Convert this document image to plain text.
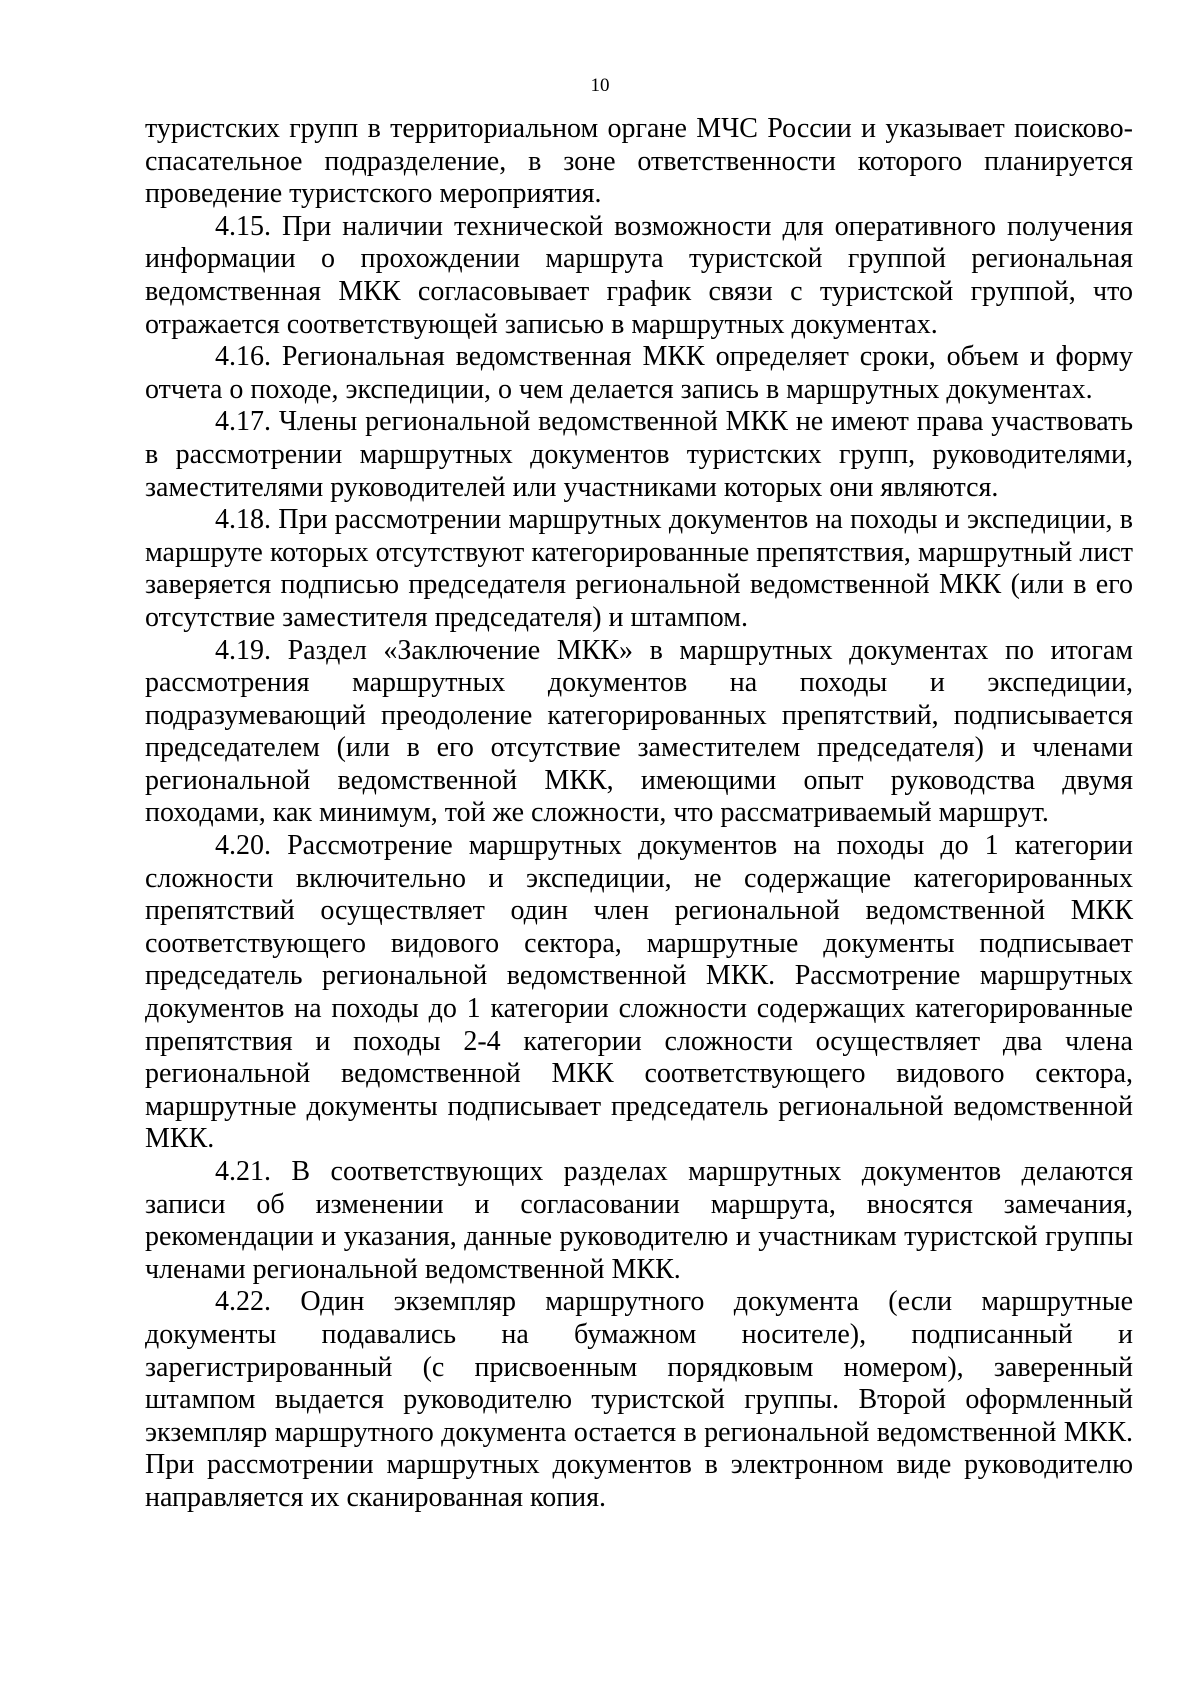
10

туристских групп в территориальном органе МЧС России и указывает поисково-спасательное подразделение, в зоне ответственности которого планируется проведение туристского мероприятия.

4.15. При наличии технической возможности для оперативного получения информации о прохождении маршрута туристской группой региональная ведомственная МКК согласовывает график связи с туристской группой, что отражается соответствующей записью в маршрутных документах.

4.16. Региональная ведомственная МКК определяет сроки, объем и форму отчета о походе, экспедиции, о чем делается запись в маршрутных документах.

4.17. Члены региональной ведомственной МКК не имеют права участвовать в рассмотрении маршрутных документов туристских групп, руководителями, заместителями руководителей или участниками которых они являются.

4.18. При рассмотрении маршрутных документов на походы и экспедиции, в маршруте которых отсутствуют категорированные препятствия, маршрутный лист заверяется подписью председателя региональной ведомственной МКК (или в его отсутствие заместителя председателя) и штампом.

4.19. Раздел «Заключение МКК» в маршрутных документах по итогам рассмотрения маршрутных документов на походы и экспедиции, подразумевающий преодоление категорированных препятствий, подписывается председателем (или в его отсутствие заместителем председателя) и членами региональной ведомственной МКК, имеющими опыт руководства двумя походами, как минимум, той же сложности, что рассматриваемый маршрут.

4.20. Рассмотрение маршрутных документов на походы до 1 категории сложности включительно и экспедиции, не содержащие категорированных препятствий осуществляет один член региональной ведомственной МКК соответствующего видового сектора, маршрутные документы подписывает председатель региональной ведомственной МКК. Рассмотрение маршрутных документов на походы до 1 категории сложности содержащих категорированные препятствия и походы 2-4 категории сложности осуществляет два члена региональной ведомственной МКК соответствующего видового сектора, маршрутные документы подписывает председатель региональной ведомственной МКК.

4.21. В соответствующих разделах маршрутных документов делаются записи об изменении и согласовании маршрута, вносятся замечания, рекомендации и указания, данные руководителю и участникам туристской группы членами региональной ведомственной МКК.

4.22. Один экземпляр маршрутного документа (если маршрутные документы подавались на бумажном носителе), подписанный и зарегистрированный (с присвоенным порядковым номером), заверенный штампом выдается руководителю туристской группы. Второй оформленный экземпляр маршрутного документа остается в региональной ведомственной МКК. При рассмотрении маршрутных документов в электронном виде руководителю направляется их сканированная копия.
